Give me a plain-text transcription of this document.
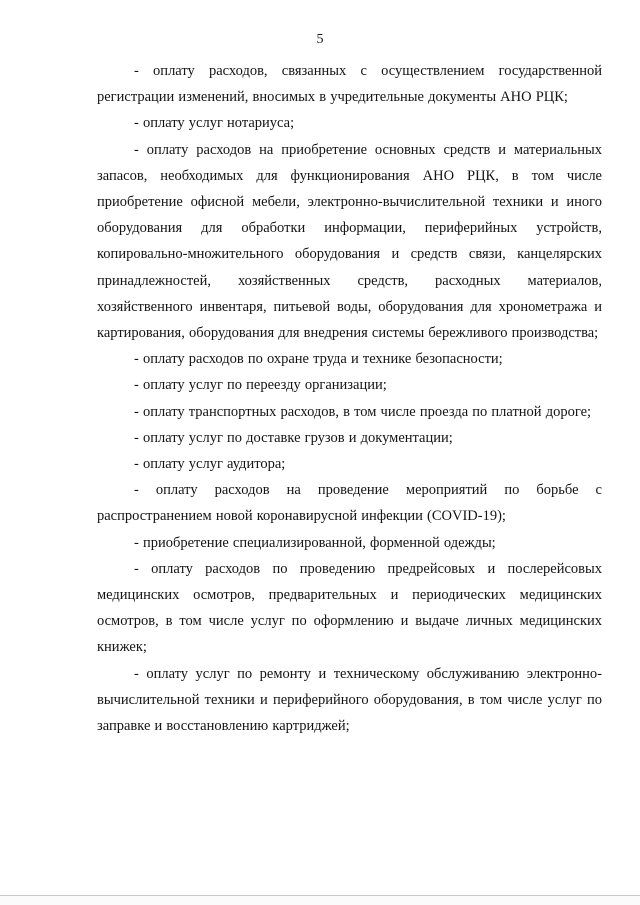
5

- оплату расходов, связанных с осуществлением государственной регистрации изменений, вносимых в учредительные документы АНО РЦК;

- оплату услуг нотариуса;

- оплату расходов на приобретение основных средств и материальных запасов, необходимых для функционирования АНО РЦК, в том числе приобретение офисной мебели, электронно-вычислительной техники и иного оборудования для обработки информации, периферийных устройств, копировально-множительного оборудования и средств связи, канцелярских принадлежностей, хозяйственных средств, расходных материалов, хозяйственного инвентаря, питьевой воды, оборудования для хронометража и картирования, оборудования для внедрения системы бережливого производства;

- оплату расходов по охране труда и технике безопасности;

- оплату услуг по переезду организации;

- оплату транспортных расходов, в том числе проезда по платной дороге;

- оплату услуг по доставке грузов и документации;

- оплату услуг аудитора;

- оплату расходов на проведение мероприятий по борьбе с распространением новой коронавирусной инфекции (COVID-19);

- приобретение специализированной, форменной одежды;

- оплату расходов по проведению предрейсовых и послерейсовых медицинских осмотров, предварительных и периодических медицинских осмотров, в том числе услуг по оформлению и выдаче личных медицинских книжек;

- оплату услуг по ремонту и техническому обслуживанию электронно-вычислительной техники и периферийного оборудования, в том числе услуг по заправке и восстановлению картриджей;
